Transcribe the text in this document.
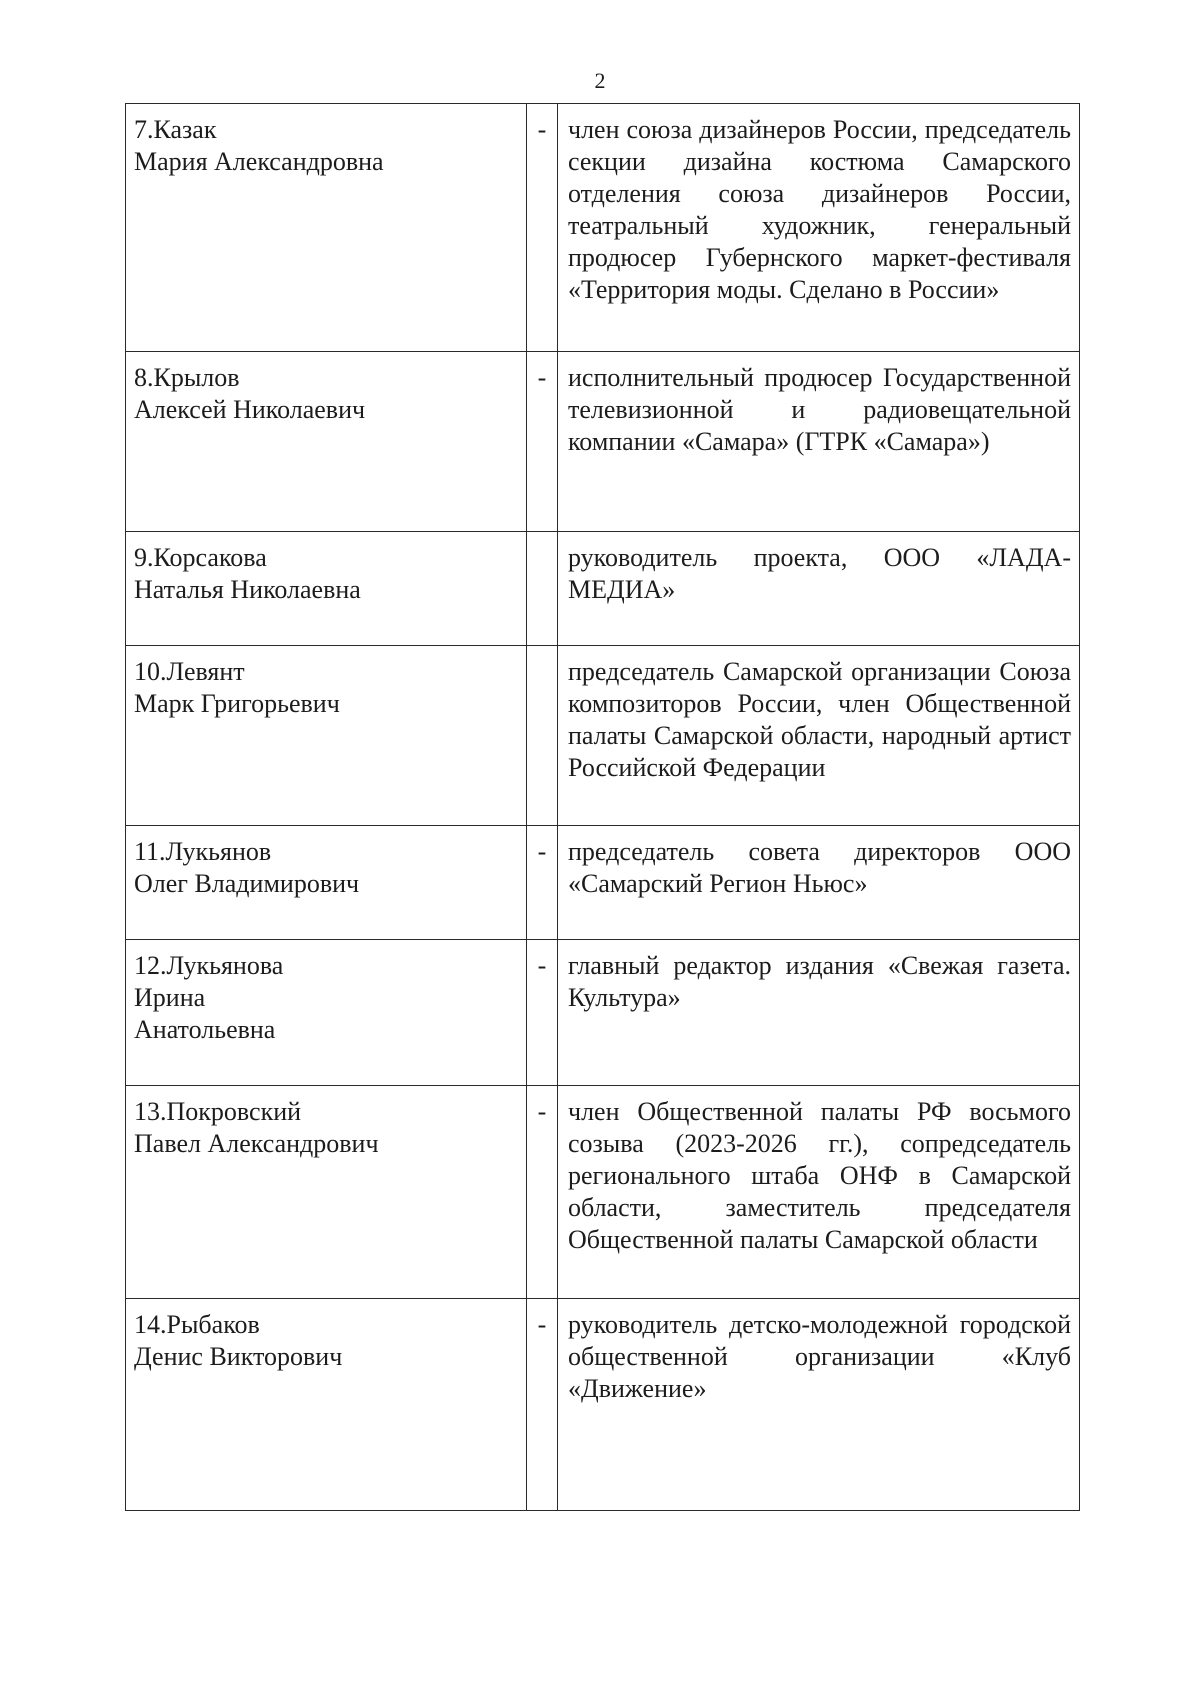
2
7.Казак
Мария Александровна	-	член союза дизайнеров России, председатель секции дизайна костюма Самарского отделения союза дизайнеров России, театральный художник, генеральный продюсер Губернского маркет-фестиваля «Территория моды. Сделано в России»

8.Крылов
Алексей Николаевич	-	исполнительный продюсер Государственной телевизионной и радиовещательной компании «Самара» (ГТРК «Самара»)

9.Корсакова
Наталья Николаевна		руководитель проекта, ООО «ЛАДА-МЕДИА»

10.Левянт
Марк Григорьевич		председатель Самарской организации Союза композиторов России, член Общественной палаты Самарской области, народный артист Российской Федерации

11.Лукьянов
Олег Владимирович	-	председатель совета директоров ООО «Самарский Регион Ньюс»

12.Лукьянова
Ирина
Анатольевна	-	главный редактор издания «Свежая газета. Культура»

13.Покровский
Павел Александрович	-	член Общественной палаты РФ восьмого созыва (2023-2026 гг.), сопредседатель регионального штаба ОНФ в Самарской области, заместитель председателя Общественной палаты Самарской области

14.Рыбаков
Денис Викторович	-	руководитель детско-молодежной городской общественной организации «Клуб «Движение»
